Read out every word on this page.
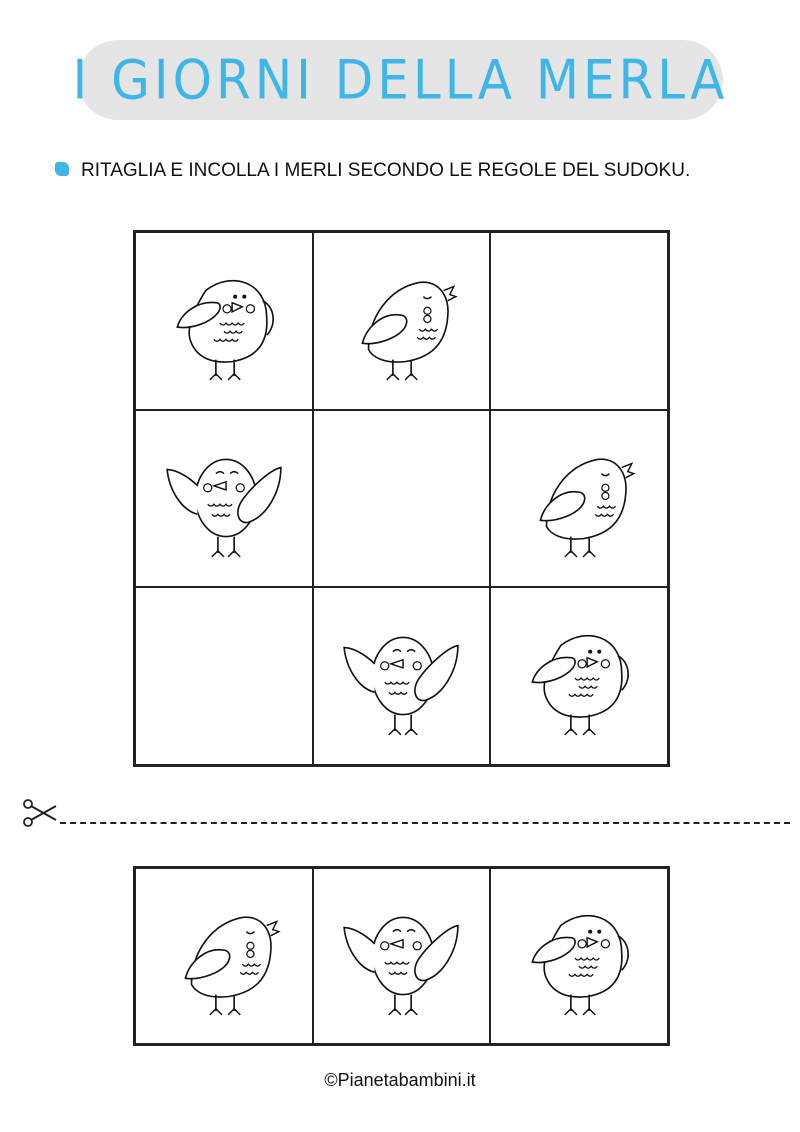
I GIORNI DELLA MERLA
RITAGLIA E INCOLLA I MERLI SECONDO LE REGOLE DEL SUDOKU.
©Pianetabambini.it
